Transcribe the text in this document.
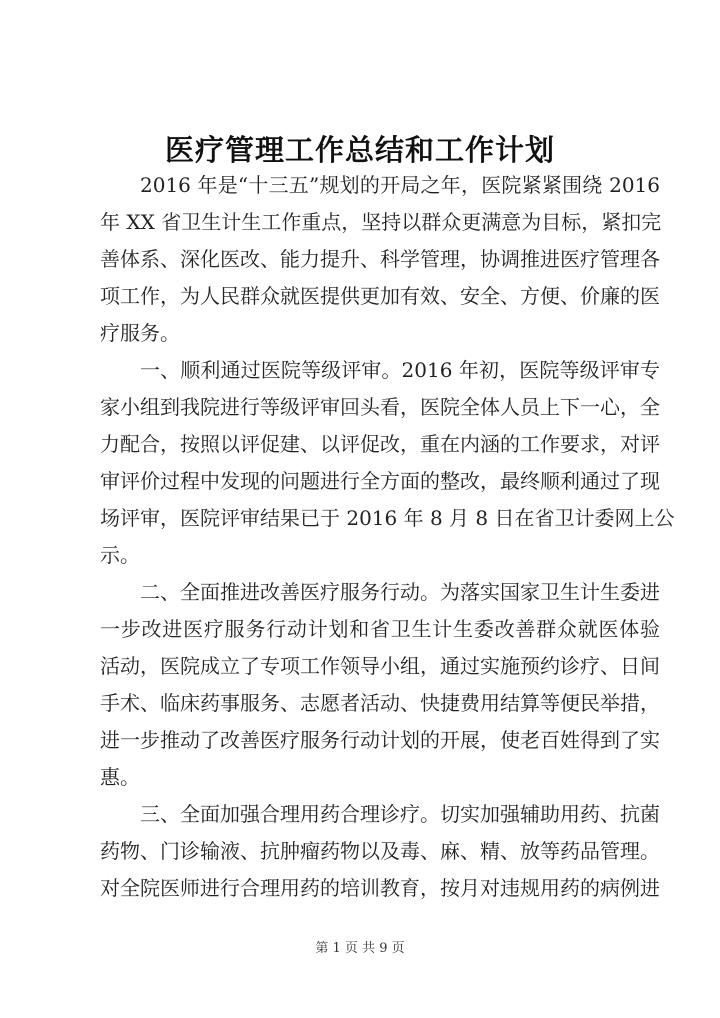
医疗管理工作总结和工作计划
2016 年是“十三五”规划的开局之年，医院紧紧围绕 2016
年 XX 省卫生计生工作重点，坚持以群众更满意为目标，紧扣完
善体系、深化医改、能力提升、科学管理，协调推进医疗管理各
项工作，为人民群众就医提供更加有效、安全、方便、价廉的医
疗服务。
一、顺利通过医院等级评审。2016 年初，医院等级评审专
家小组到我院进行等级评审回头看，医院全体人员上下一心，全
力配合，按照以评促建、以评促改，重在内涵的工作要求，对评
审评价过程中发现的问题进行全方面的整改，最终顺利通过了现
场评审，医院评审结果已于 2016 年 8 月 8 日在省卫计委网上公
示。
二、全面推进改善医疗服务行动。为落实国家卫生计生委进
一步改进医疗服务行动计划和省卫生计生委改善群众就医体验
活动，医院成立了专项工作领导小组，通过实施预约诊疗、日间
手术、临床药事服务、志愿者活动、快捷费用结算等便民举措，
进一步推动了改善医疗服务行动计划的开展，使老百姓得到了实
惠。
三、全面加强合理用药合理诊疗。切实加强辅助用药、抗菌
药物、门诊输液、抗肿瘤药物以及毒、麻、精、放等药品管理。
对全院医师进行合理用药的培训教育，按月对违规用药的病例进
第 1 页 共 9 页
